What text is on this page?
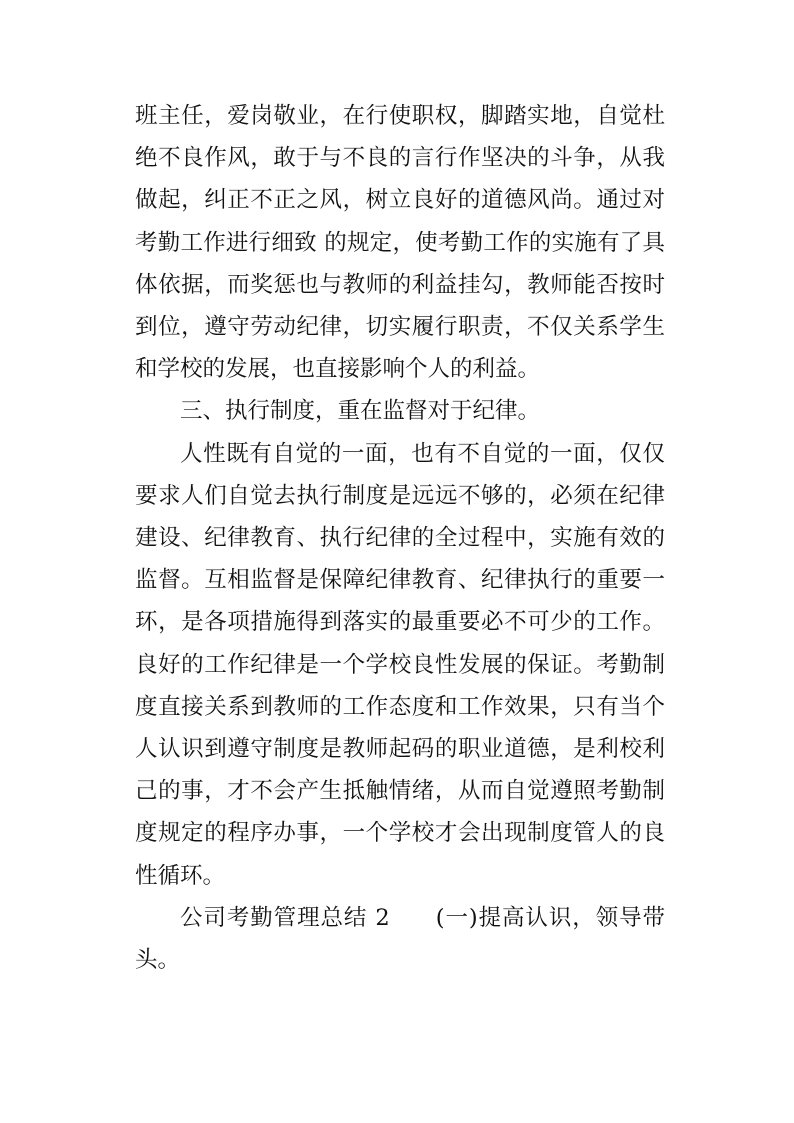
班主任，爱岗敬业，在行使职权，脚踏实地，自觉杜绝不良作风，敢于与不良的言行作坚决的斗争，从我做起，纠正不正之风，树立良好的道德风尚。通过对考勤工作进行细致 的规定，使考勤工作的实施有了具体依据，而奖惩也与教师的利益挂勾，教师能否按时到位，遵守劳动纪律，切实履行职责，不仅关系学生和学校的发展，也直接影响个人的利益。

三、执行制度，重在监督对于纪律。

人性既有自觉的一面，也有不自觉的一面，仅仅要求人们自觉去执行制度是远远不够的，必须在纪律建设、纪律教育、执行纪律的全过程中，实施有效的监督。互相监督是保障纪律教育、纪律执行的重要一环，是各项措施得到落实的最重要必不可少的工作。良好的工作纪律是一个学校良性发展的保证。考勤制度直接关系到教师的工作态度和工作效果，只有当个人认识到遵守制度是教师起码的职业道德，是利校利己的事，才不会产生抵触情绪，从而自觉遵照考勤制度规定的程序办事，一个学校才会出现制度管人的良性循环。

公司考勤管理总结 2 (一)提高认识，领导带头。
